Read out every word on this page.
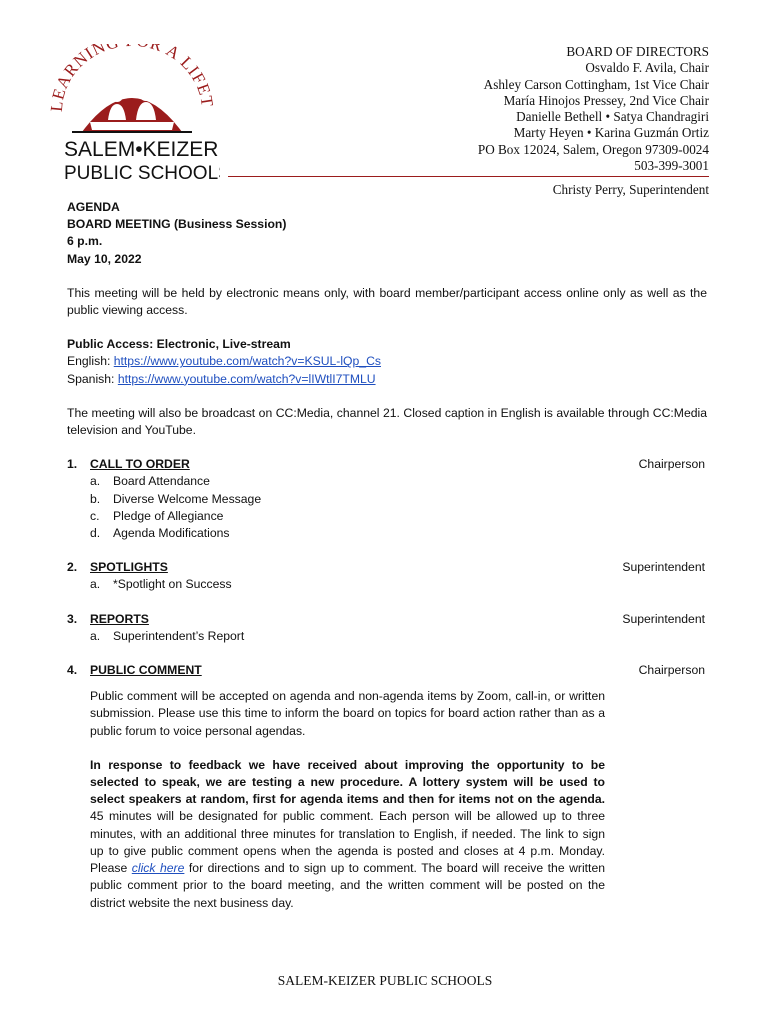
EARNIN R A LIFET
SALEM•KEIZER
PUBLIC SCHOOLS
BOARD OF DIRECTORS
Osvaldo F. Avila, Chair
Ashley Carson Cottingham, 1st Vice Chair
María Hinojos Pressey, 2nd Vice Chair
Danielle Bethell • Satya Chandragiri
Marty Heyen • Karina Guzmán Ortiz
PO Box 12024, Salem, Oregon 97309-0024
503-399-3001
Christy Perry, Superintendent
AGENDA
BOARD MEETING (Business Session)
6 p.m.
May 10, 2022

This meeting will be held by electronic means only, with board member/participant access online only as well as the public viewing access.

Public Access: Electronic, Live-stream
English: https://www.youtube.com/watch?v=KSUL-lQp_Cs
Spanish: https://www.youtube.com/watch?v=lIWtlI7TMLU

The meeting will also be broadcast on CC:Media, channel 21. Closed caption in English is available through CC:Media television and YouTube.

1.	CALL TO ORDER	Chairperson
a.	Board Attendance
b.	Diverse Welcome Message
c.	Pledge of Allegiance
d.	Agenda Modifications
2.	SPOTLIGHTS	Superintendent
a.	*Spotlight on Success
3.	REPORTS	Superintendent
a.	Superintendent’s Report
4.	PUBLIC COMMENT	Chairperson

Public comment will be accepted on agenda and non-agenda items by Zoom, call-in, or written submission. Please use this time to inform the board on topics for board action rather than as a public forum to voice personal agendas.

In response to feedback we have received about improving the opportunity to be selected to speak, we are testing a new procedure. A lottery system will be used to select speakers at random, first for agenda items and then for items not on the agenda. 45 minutes will be designated for public comment. Each person will be allowed up to three minutes, with an additional three minutes for translation to English, if needed. The link to sign up to give public comment opens when the agenda is posted and closes at 4 p.m. Monday. Please click here for directions and to sign up to comment. The board will receive the written public comment prior to the board meeting, and the written comment will be posted on the district website the next business day.

SALEM-KEIZER PUBLIC SCHOOLS
